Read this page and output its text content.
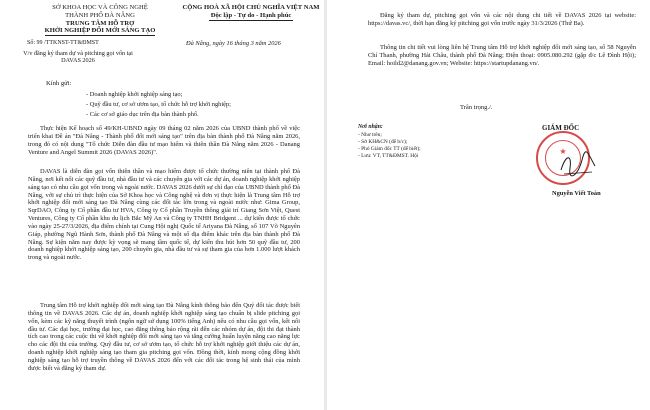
SỞ KHOA HỌC VÀ CÔNG NGHỆ
THÀNH PHỐ ĐÀ NẴNG
TRUNG TÂM HỖ TRỢ
KHỞI NGHIỆP ĐỔI MỚI SÁNG TẠO
CỘNG HOÀ XÃ HỘI CHỦ NGHĨA VIỆT NAM
Độc lập - Tự do - Hạnh phúc
Số: 99 /TTKNST-TT&ĐMST	Đà Nẵng, ngày 16 tháng 3 năm 2026
V/v đăng ký tham dự và pitching gọi vốn tại DAVAS 2026
Kính gửi:
- Doanh nghiệp khởi nghiệp sáng tạo;
- Quỹ đầu tư, cơ sở ươm tạo, tổ chức hỗ trợ khởi nghiệp;
- Các cơ sở giáo dục trên địa bàn thành phố.
Thực hiện Kế hoạch số 49/KH-UBND ngày 09 tháng 02 năm 2026 của UBND thành phố về việc triển khai Đề án "Đà Nẵng - Thành phố đổi mới sáng tạo" trên địa bàn thành phố Đà Nẵng năm 2026, trong đó có nội dung "Tổ chức Diễn đàn đầu tư mạo hiểm và thiên thần Đà Nẵng năm 2026 - Danang Venture and Angel Summit 2026 (DAVAS 2026)".
DAVAS là diễn đàn gọi vốn thiên thần và mạo hiểm được tổ chức thường niên tại thành phố Đà Nẵng, nơi kết nối các quỹ đầu tư, nhà đầu tư và các chuyên gia với các dự án, doanh nghiệp khởi nghiệp sáng tạo có nhu cầu gọi vốn trong và ngoài nước. DAVAS 2026 dưới sự chỉ đạo của UBND thành phố Đà Nẵng, với sự chủ trì thực hiện của Sở Khoa học và Công nghệ và đơn vị thực hiện là Trung tâm Hỗ trợ khởi nghiệp đổi mới sáng tạo Đà Nẵng cùng các đối tác lớn trong và ngoài nước như: Gima Group, SqrDAO, Công ty Cổ phần đầu tư HVA, Công ty Cổ phần Truyền thông giải trí Giang Sơn Việt, Quest Ventures, Công ty Cổ phần khu du lịch Bắc Mỹ An và Công ty TNHH Bridgent ... dự kiến được tổ chức vào ngày 25-27/3/2026, địa điểm chính tại Cung Hội nghị Quốc tế Ariyana Đà Nẵng, số 107 Võ Nguyên Giáp, phường Ngũ Hành Sơn, thành phố Đà Nẵng và một số địa điểm khác trên địa bàn thành phố Đà Nẵng. Sự kiện năm nay được kỳ vọng sẽ mang tầm quốc tế, dự kiến thu hút hơn 50 quỹ đầu tư, 200 doanh nghiệp khởi nghiệp sáng tạo, 200 chuyên gia, nhà đầu tư và sự tham gia của hơn 1.000 lượt khách trong và ngoài nước.
Trung tâm Hỗ trợ khởi nghiệp đổi mới sáng tạo Đà Nẵng kính thông báo đến Quý đối tác được biết thông tin về DAVAS 2026. Các dự án, doanh nghiệp khởi nghiệp sáng tạo chuẩn bị slide pitching gọi vốn, kèm các kỹ năng thuyết trình (ngôn ngữ sử dụng 100% tiếng Anh) nếu có nhu cầu gọi vốn, kết nối đầu tư. Các đại học, trường đại học, cao đẳng thông báo rộng rãi đến các nhóm dự án, đội thi đạt thành tích cao trong các cuộc thi về khởi nghiệp đổi mới sáng tạo và tăng cường huấn luyện năng cao năng lực cho các đội thi của trường. Quỹ đầu tư, cơ sở ươm tạo, tổ chức hỗ trợ khởi nghiệp giới thiệu các dự án, doanh nghiệp khởi nghiệp sáng tạo tham gia pitching gọi vốn. Đồng thời, kính mong cộng đồng khởi nghiệp sáng tạo hỗ trợ truyền thông về DAVAS 2026 đến với các đối tác trong hệ sinh thái của mình được biết và đăng ký tham dự.
Đăng ký tham dự, pitching gọi vốn và các nội dung chi tiết về DAVAS 2026 tại website: https://davas.vc/, thời hạn đăng ký pitching gọi vốn trước ngày 31/3/2026 (Thứ Ba).
Thông tin chi tiết vui lòng liên hệ Trung tâm Hỗ trợ khởi nghiệp đổi mới sáng tạo, số 58 Nguyễn Chí Thanh, phường Hải Châu, thành phố Đà Nẵng; Điện thoại: 0905.080.292 (gặp đ/c Lê Đình Hội); Email: hoild2@danang.gov.vn; Website: https://startupdanang.vn/.
Trân trọng./.
Nơi nhận:
- Như trên;
- Sở KH&CN (để b/c);
- Phó Giám đốc TT (để biết);
- Lưu: VT, TT&ĐMST. Hội	★
GIÁM ĐỐC
Nguyễn Viết Toàn
